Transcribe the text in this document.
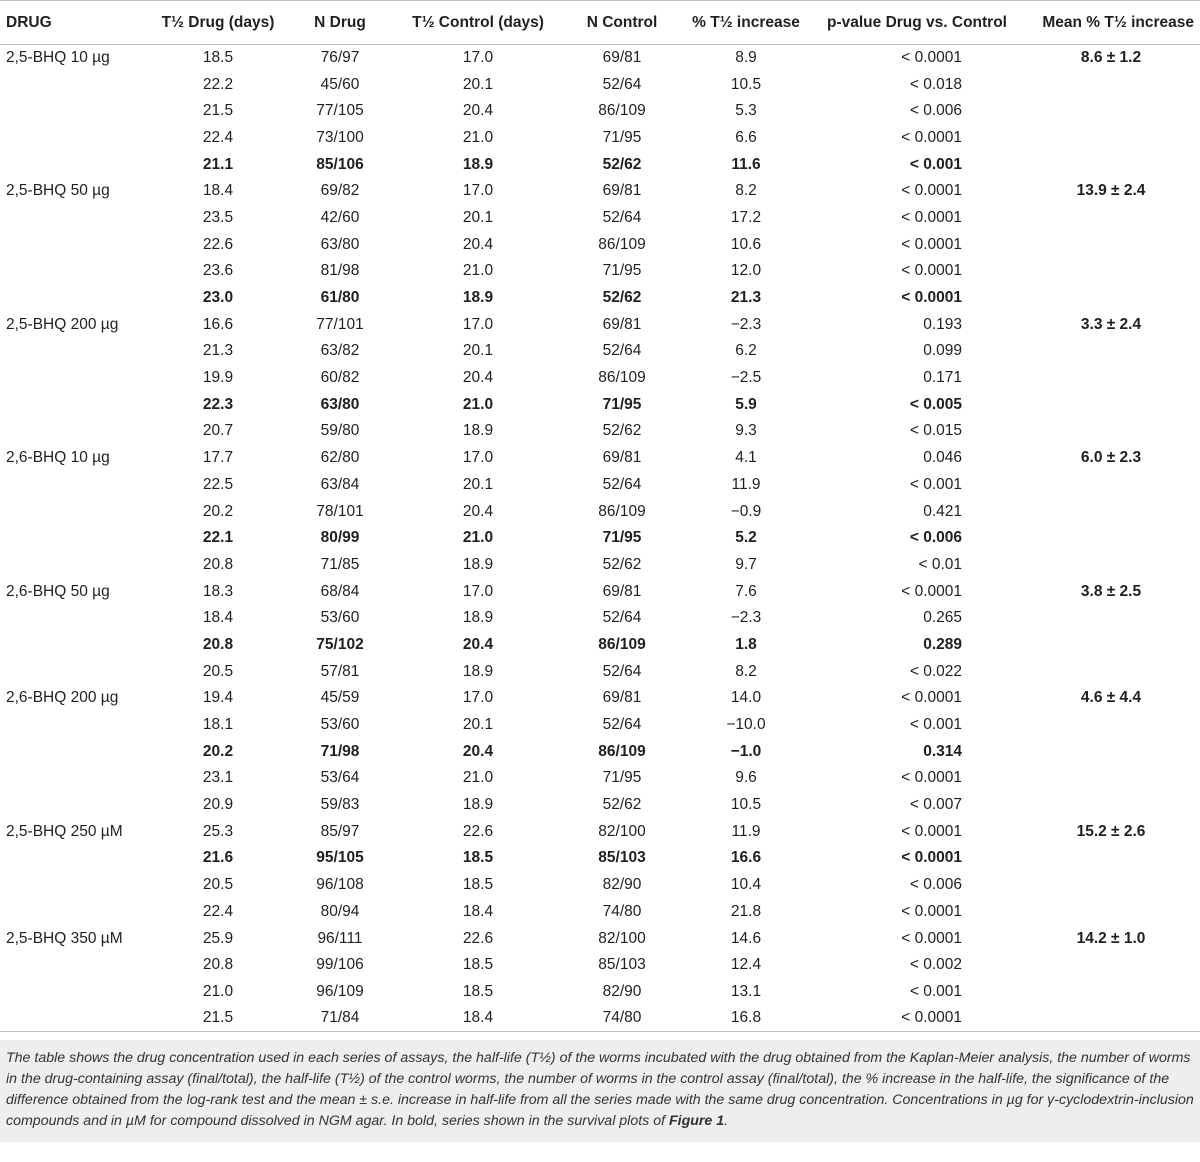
DRUG	T½ Drug (days)	N Drug	T½ Control (days)	N Control	% T½ increase	p-value Drug vs. Control	Mean % T½ increase
2,5-BHQ 10 µg	18.5	76/97	17.0	69/81	8.9	< 0.0001	8.6 ± 1.2
	22.2	45/60	20.1	52/64	10.5	< 0.018	
	21.5	77/105	20.4	86/109	5.3	< 0.006	
	22.4	73/100	21.0	71/95	6.6	< 0.0001	
	21.1	85/106	18.9	52/62	11.6	< 0.001	
2,5-BHQ 50 µg	18.4	69/82	17.0	69/81	8.2	< 0.0001	13.9 ± 2.4
	23.5	42/60	20.1	52/64	17.2	< 0.0001	
	22.6	63/80	20.4	86/109	10.6	< 0.0001	
	23.6	81/98	21.0	71/95	12.0	< 0.0001	
	23.0	61/80	18.9	52/62	21.3	< 0.0001	
2,5-BHQ 200 µg	16.6	77/101	17.0	69/81	−2.3	0.193	3.3 ± 2.4
	21.3	63/82	20.1	52/64	6.2	0.099	
	19.9	60/82	20.4	86/109	−2.5	0.171	
	22.3	63/80	21.0	71/95	5.9	< 0.005	
	20.7	59/80	18.9	52/62	9.3	< 0.015	
2,6-BHQ 10 µg	17.7	62/80	17.0	69/81	4.1	0.046	6.0 ± 2.3
	22.5	63/84	20.1	52/64	11.9	< 0.001	
	20.2	78/101	20.4	86/109	−0.9	0.421	
	22.1	80/99	21.0	71/95	5.2	< 0.006	
	20.8	71/85	18.9	52/62	9.7	< 0.01	
2,6-BHQ 50 µg	18.3	68/84	17.0	69/81	7.6	< 0.0001	3.8 ± 2.5
	18.4	53/60	18.9	52/64	−2.3	0.265	
	20.8	75/102	20.4	86/109	1.8	0.289	
	20.5	57/81	18.9	52/64	8.2	< 0.022	
2,6-BHQ 200 µg	19.4	45/59	17.0	69/81	14.0	< 0.0001	4.6 ± 4.4
	18.1	53/60	20.1	52/64	−10.0	< 0.001	
	20.2	71/98	20.4	86/109	−1.0	0.314	
	23.1	53/64	21.0	71/95	9.6	< 0.0001	
	20.9	59/83	18.9	52/62	10.5	< 0.007	
2,5-BHQ 250 µM	25.3	85/97	22.6	82/100	11.9	< 0.0001	15.2 ± 2.6
	21.6	95/105	18.5	85/103	16.6	< 0.0001	
	20.5	96/108	18.5	82/90	10.4	< 0.006	
	22.4	80/94	18.4	74/80	21.8	< 0.0001	
2,5-BHQ 350 µM	25.9	96/111	22.6	82/100	14.6	< 0.0001	14.2 ± 1.0
	20.8	99/106	18.5	85/103	12.4	< 0.002	
	21.0	96/109	18.5	82/90	13.1	< 0.001	
	21.5	71/84	18.4	74/80	16.8	< 0.0001	
The table shows the drug concentration used in each series of assays, the half-life (T½) of the worms incubated with the drug obtained from the Kaplan-Meier analysis, the number of worms in the drug-containing assay (final/total), the half-life (T½) of the control worms, the number of worms in the control assay (final/total), the % increase in the half-life, the significance of the difference obtained from the log-rank test and the mean ± s.e. increase in half-life from all the series made with the same drug concentration. Concentrations in µg for γ-cyclodextrin-inclusion compounds and in µM for compound dissolved in NGM agar. In bold, series shown in the survival plots of Figure 1.
